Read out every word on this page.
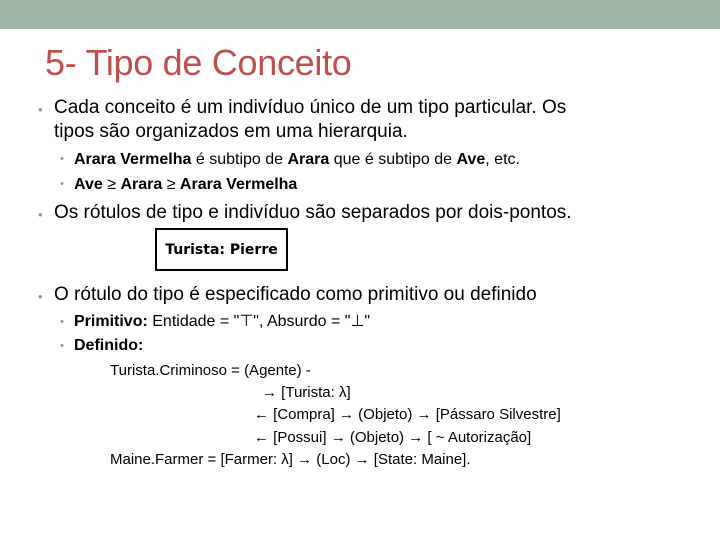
5- Tipo de Conceito
• Cada conceito é um indivíduo único de um tipo particular. Os
tipos são organizados em uma hierarquia.
• Arara Vermelha é subtipo de Arara que é subtipo de Ave, etc.
• Ave ≥ Arara ≥ Arara Vermelha
• Os rótulos de tipo e indivíduo são separados por dois-pontos.
Turista: Pierre
• O rótulo do tipo é especificado como primitivo ou definido
• Primitivo: Entidade = "⊤", Absurdo = "⊥"
• Definido:
Turista.Criminoso = (Agente) -
→ [Turista: λ]
← [Compra] → (Objeto) → [Pássaro Silvestre]
← [Possui] → (Objeto) → [ ~ Autorização]
Maine.Farmer = [Farmer: λ] → (Loc) → [State: Maine].
